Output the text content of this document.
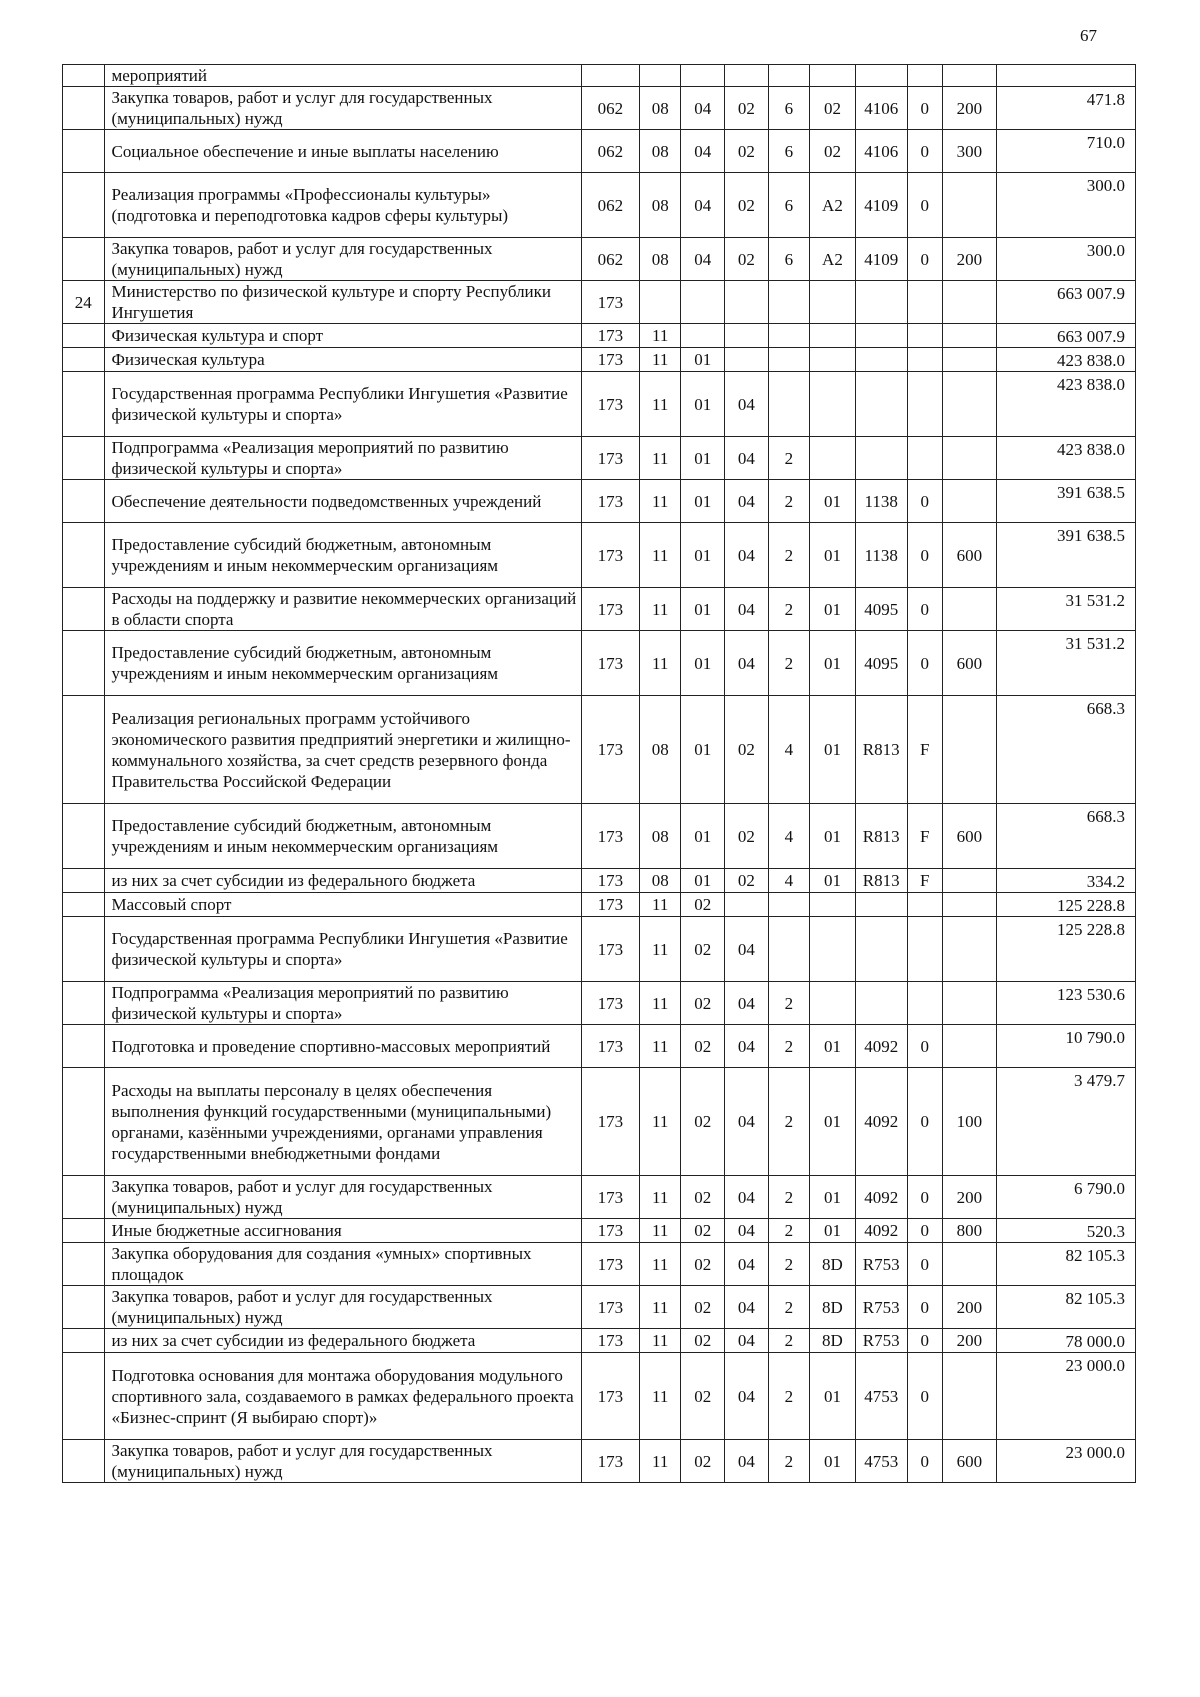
67
	мероприятий										
	Закупка товаров, работ и услуг для государственных (муниципальных) нужд	062	08	04	02	6	02	4106	0	200	471.8
	Социальное обеспечение и иные выплаты населению	062	08	04	02	6	02	4106	0	300	710.0
	Реализация программы «Профессионалы культуры» (подготовка и переподготовка кадров сферы культуры)	062	08	04	02	6	A2	4109	0		300.0
	Закупка товаров, работ и услуг для государственных (муниципальных) нужд	062	08	04	02	6	A2	4109	0	200	300.0
24	Министерство по физической культуре и спорту Республики Ингушетия	173									663 007.9
	Физическая культура и спорт	173	11								663 007.9
	Физическая культура	173	11	01							423 838.0
	Государственная программа Республики Ингушетия «Развитие физической культуры и спорта»	173	11	01	04						423 838.0
	Подпрограмма «Реализация мероприятий по развитию физической культуры и спорта»	173	11	01	04	2					423 838.0
	Обеспечение деятельности подведомственных учреждений	173	11	01	04	2	01	1138	0		391 638.5
	Предоставление субсидий бюджетным, автономным учреждениям и иным некоммерческим организациям	173	11	01	04	2	01	1138	0	600	391 638.5
	Расходы на поддержку и развитие некоммерческих организаций в области спорта	173	11	01	04	2	01	4095	0		31 531.2
	Предоставление субсидий бюджетным, автономным учреждениям и иным некоммерческим организациям	173	11	01	04	2	01	4095	0	600	31 531.2
	Реализация региональных программ устойчивого экономического развития предприятий энергетики и жилищно-коммунального хозяйства, за счет средств резервного фонда Правительства Российской Федерации	173	08	01	02	4	01	R813	F		668.3
	Предоставление субсидий бюджетным, автономным учреждениям и иным некоммерческим организациям	173	08	01	02	4	01	R813	F	600	668.3
	из них за счет субсидии из федерального бюджета	173	08	01	02	4	01	R813	F		334.2
	Массовый спорт	173	11	02							125 228.8
	Государственная программа Республики Ингушетия «Развитие физической культуры и спорта»	173	11	02	04						125 228.8
	Подпрограмма «Реализация мероприятий по развитию физической культуры и спорта»	173	11	02	04	2					123 530.6
	Подготовка и проведение спортивно-массовых мероприятий	173	11	02	04	2	01	4092	0		10 790.0
	Расходы на выплаты персоналу в целях обеспечения выполнения функций государственными (муниципальными) органами, казёнными учреждениями, органами управления государственными внебюджетными фондами	173	11	02	04	2	01	4092	0	100	3 479.7
	Закупка товаров, работ и услуг для государственных (муниципальных) нужд	173	11	02	04	2	01	4092	0	200	6 790.0
	Иные бюджетные ассигнования	173	11	02	04	2	01	4092	0	800	520.3
	Закупка оборудования для создания «умных» спортивных площадок	173	11	02	04	2	8D	R753	0		82 105.3
	Закупка товаров, работ и услуг для государственных (муниципальных) нужд	173	11	02	04	2	8D	R753	0	200	82 105.3
	из них за счет субсидии из федерального бюджета	173	11	02	04	2	8D	R753	0	200	78 000.0
	Подготовка основания для монтажа оборудования модульного спортивного зала, создаваемого в рамках федерального проекта «Бизнес-спринт (Я выбираю спорт)»	173	11	02	04	2	01	4753	0		23 000.0
	Закупка товаров, работ и услуг для государственных (муниципальных) нужд	173	11	02	04	2	01	4753	0	600	23 000.0
